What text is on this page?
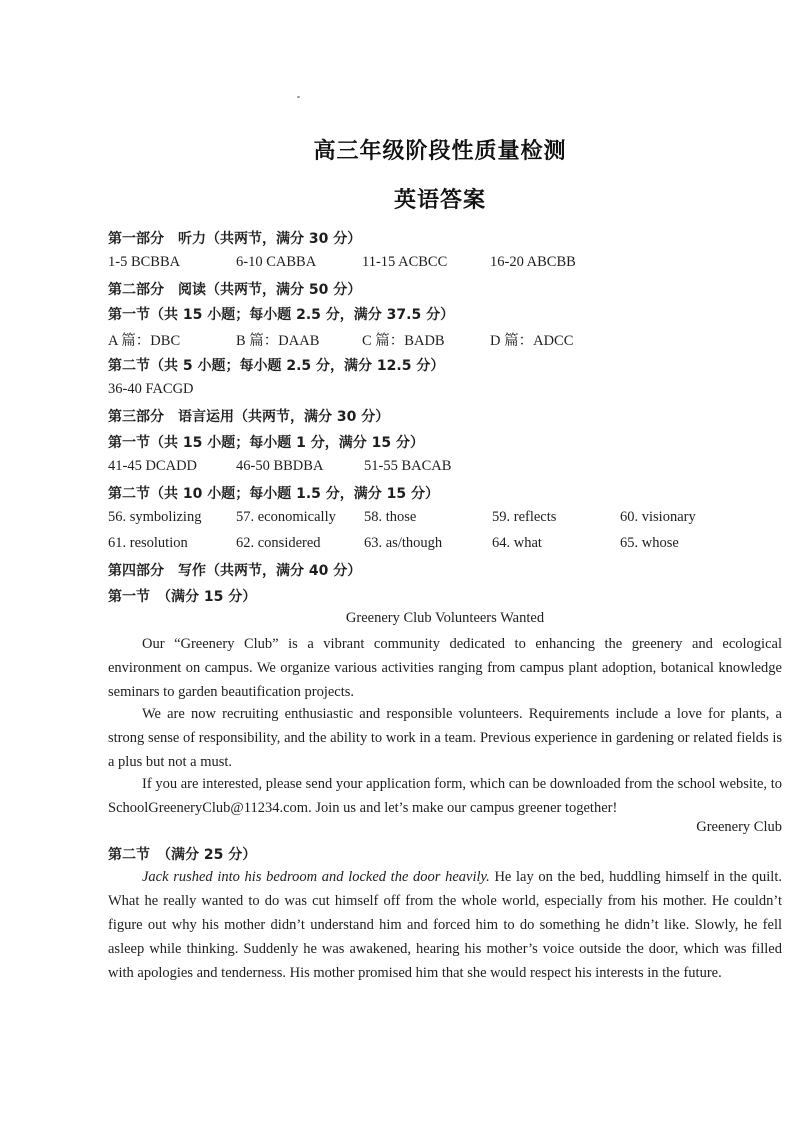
高三年级阶段性质量检测
英语答案
第一部分　听力（共两节，满分 30 分）
1-5 BCBBA	6-10 CABBA	11-15 ACBCC	16-20 ABCBB
第二部分　阅读（共两节，满分 50 分）
第一节（共 15 小题；每小题 2.5 分，满分 37.5 分）
A 篇：DBC	B 篇：DAAB	C 篇：BADB	D 篇：ADCC
第二节（共 5 小题；每小题 2.5 分，满分 12.5 分）
36-40 FACGD
第三部分　语言运用（共两节，满分 30 分）
第一节（共 15 小题；每小题 1 分，满分 15 分）
41-45 DCADD	46-50 BBDBA	51-55 BACAB
第二节（共 10 小题；每小题 1.5 分，满分 15 分）
56. symbolizing 57. economically 58. those	59. reflects	60. visionary
61. resolution	62. considered	63. as/though	64. what	65. whose
第四部分　写作（共两节，满分 40 分）
第一节　（满分 15 分）
Greenery Club Volunteers Wanted

Our “Greenery Club” is a vibrant community dedicated to enhancing the greenery and ecological environment on campus. We organize various activities ranging from campus plant adoption, botanical knowledge seminars to garden beautification projects.

We are now recruiting enthusiastic and responsible volunteers. Requirements include a love for plants, a strong sense of responsibility, and the ability to work in a team. Previous experience in gardening or related fields is a plus but not a must.

If you are interested, please send your application form, which can be downloaded from the school website, to SchoolGreeneryClub@11234.com. Join us and let’s make our campus greener together!

Greenery Club
第二节　（满分 25 分）

Jack rushed into his bedroom and locked the door heavily. He lay on the bed, huddling himself in the quilt. What he really wanted to do was cut himself off from the whole world, especially from his mother. He couldn’t figure out why his mother didn’t understand him and forced him to do something he didn’t like. Slowly, he fell asleep while thinking. Suddenly he was awakened, hearing his mother’s voice outside the door, which was filled with apologies and tenderness. His mother promised him that she would respect his interests in the future.
